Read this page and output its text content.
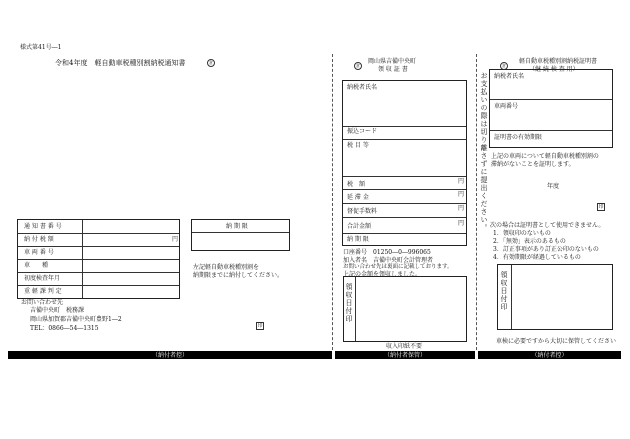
様式第41号―1
令和4年度　軽自動車税種別割納税通知書	倉
通 知 書 番 号
納 付 税 額	円
車 両 番 号
車　　種
初度検査年月
重 軽 課 判 定
納 期 限
左記軽自動車税種別割を
納期限までに納付してください。
お問い合わせ先
吉備中央町　税務課
岡山県加賀郡吉備中央町豊野1―2
TEL：0866―54―1315	印
岡山県吉備中央町
領 収 証 書
倉
納税者氏名
振込コード
税 目 等
税　額	円
延 滞 金	円
督促手数料	円
合計金額	円
納 期 限
口座番号　01250―0―996065
加入者名　吉備中央町会計管理者
お問い合わせ先は裏面に記載しております。
上記の金額を領収しました。
領収日付印
収入印紙不要
お支払いの際は切り離さずに提出ください。
軽自動車税種別割納税証明書
（継 続 検 査 用）
倉
納税者氏名
車両番号
証明書の有効期限
上記の車両について軽自動車税種別割の
滞納がないことを証明します。
年度
印
次の場合は証明書として使用できません。
1．領収印のないもの
2．「無効」表示のあるもの
3．訂正事項があり訂正公印のないもの
4．有効期限が経過しているもの
領収日付印
車検に必要ですから大切に保管してください
（納付者控）	（納付者保管）	（納付者控）
